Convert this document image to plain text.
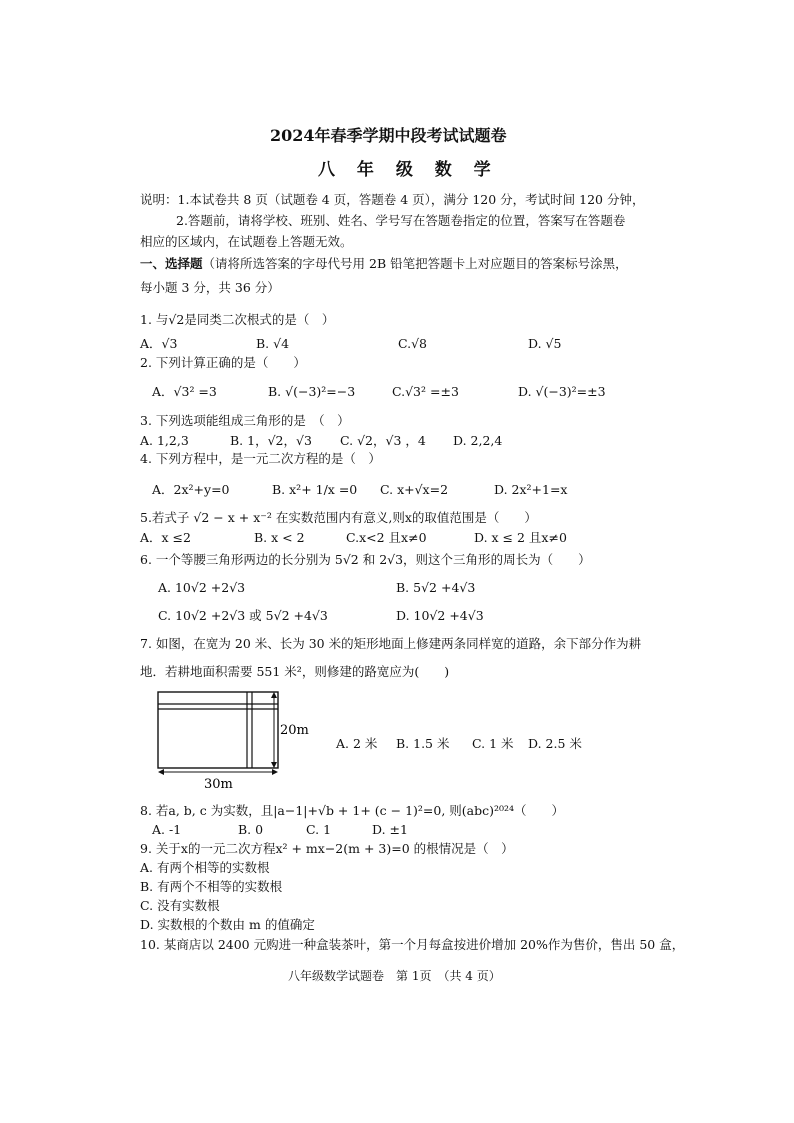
2024年春季学期中段考试试题卷
八 年 级 数 学
说明：1.本试卷共 8 页（试题卷 4 页，答题卷 4 页），满分 120 分，考试时间 120 分钟，
2.答题前，请将学校、班别、姓名、学号写在答题卷指定的位置，答案写在答题卷
相应的区域内，在试题卷上答题无效。
一、选择题（请将所选答案的字母代号用 2B 铅笔把答题卡上对应题目的答案标号涂黑，
每小题 3 分，共 36 分）
1. 与√2是同类二次根式的是（　）
A．√3	B. √4	C.√8	D. √5
2. 下列计算正确的是（　　）
A．√3² =3	B. √(−3)²=−3	C.√3² =±3	D. √(−3)²=±3
3. 下列选项能组成三角形的是　（　）
A. 1,2,3	B. 1，√2，√3 C. √2，√3 ，4 D. 2,2,4
4. 下列方程中，是一元二次方程的是（　）
A．2x²+y=0	B. x²+ 1/x =0 C. x+√x=2	D. 2x²+1=x
5.若式子 √2 − x + x⁻² 在实数范围内有意义,则x的取值范围是（　　）
A．x ≤2	B. x < 2	C.x<2 且x≠0	D. x ≤ 2 且x≠0
6. 一个等腰三角形两边的长分别为 5√2 和 2√3，则这个三角形的周长为（　　）
A. 10√2 +2√3	B. 5√2 +4√3
C. 10√2 +2√3 或 5√2 +4√3	D. 10√2 +4√3
7. 如图，在宽为 20 米、长为 30 米的矩形地面上修建两条同样宽的道路，余下部分作为耕
地．若耕地面积需要 551 米²，则修建的路宽应为(　　)
20m
30m
A. 2 米 B. 1.5 米 C. 1 米 D. 2.5 米
8. 若a, b, c 为实数，且|a−1|+√b + 1+ (c − 1)²=0, 则(abc)²⁰²⁴（　　）
A. -1	B. 0	C. 1	D. ±1
9. 关于x的一元二次方程x² + mx−2(m + 3)=0 的根情况是（　）
A. 有两个相等的实数根
B. 有两个不相等的实数根
C. 没有实数根
D. 实数根的个数由 m 的值确定
10. 某商店以 2400 元购进一种盒装茶叶，第一个月每盒按进价增加 20%作为售价，售出 50 盒，
八年级数学试题卷　第 1页　（共 4 页）
